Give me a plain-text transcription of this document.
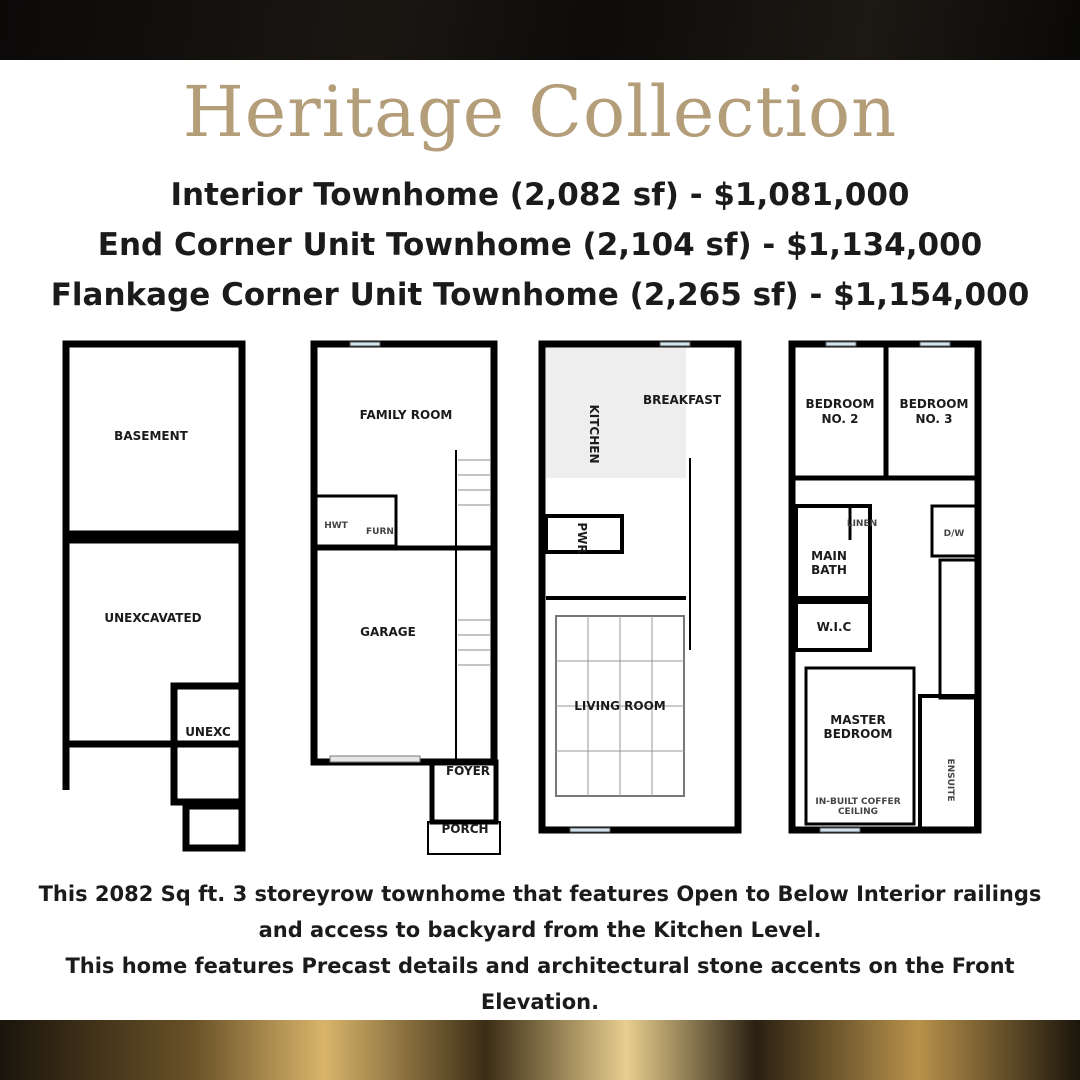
Heritage Collection
Interior Townhome (2,082 sf) - $1,081,000
End Corner Unit Townhome (2,104 sf) - $1,134,000
Flankage Corner Unit Townhome (2,265 sf) - $1,154,000
BASEMENT
UNEXCAVATED
UNEXC
FAMILY ROOM
GARAGE
FOYER
PORCH
HWT
FURN
BREAKFAST
KITCHEN
PWR
LIVING ROOM
BEDROOM
NO. 2
BEDROOM
NO. 3
LINEN
MAIN
BATH
D/W
W.I.C
MASTER
BEDROOM
ENSUITE
IN-BUILT COFFER
CEILING

This 2082 Sq ft. 3 storeyrow townhome that features Open to Below Interior railings and access to backyard from the Kitchen Level.
This home features Precast details and architectural stone accents on the Front Elevation.
